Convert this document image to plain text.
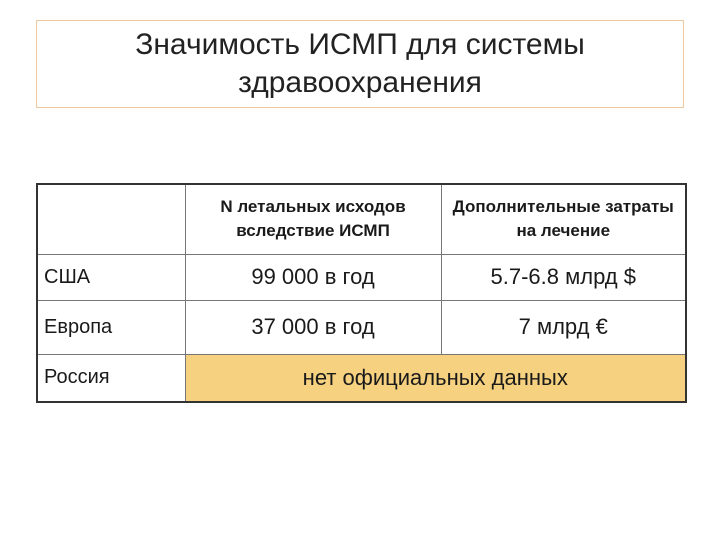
Значимость ИСМП для системы
здравоохранения
	N летальных исходов вследствие ИСМП	Дополнительные затраты на лечение
США	99 000 в год	5.7-6.8 млрд $
Европа	37 000 в год	7 млрд €
Россия	нет официальных данных	
